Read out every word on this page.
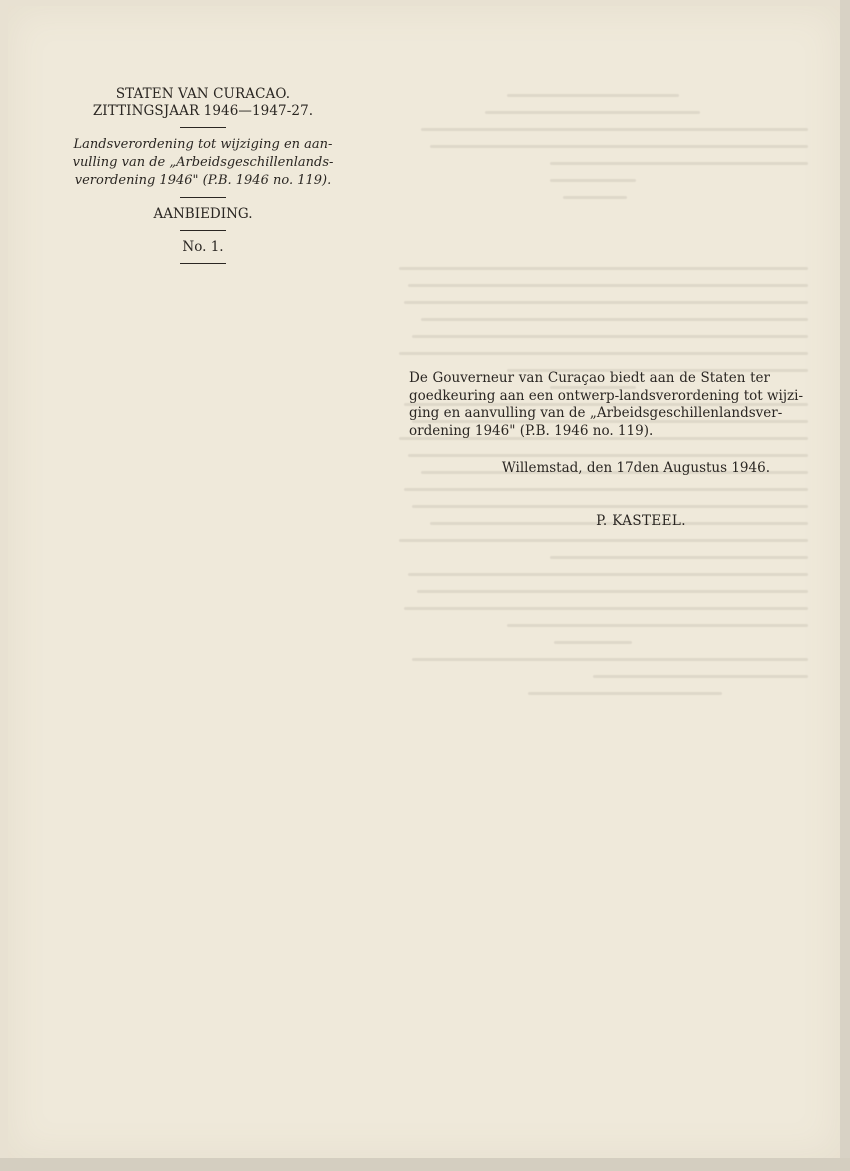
STATEN VAN CURACAO.
ZITTINGSJAAR 1946—1947-27.
Landsverordening tot wijziging en aan-
vulling van de „Arbeidsgeschillenlands-
verordening 1946" (P.B. 1946 no. 119).
AANBIEDING.
No. 1.
De Gouverneur van Curaçao biedt aan de Staten ter
goedkeuring aan een ontwerp-landsverordening tot wijzi-
ging en aanvulling van de „Arbeidsgeschillenlandsver-
ordening 1946" (P.B. 1946 no. 119).
Willemstad, den 17den Augustus 1946.
P. KASTEEL.
